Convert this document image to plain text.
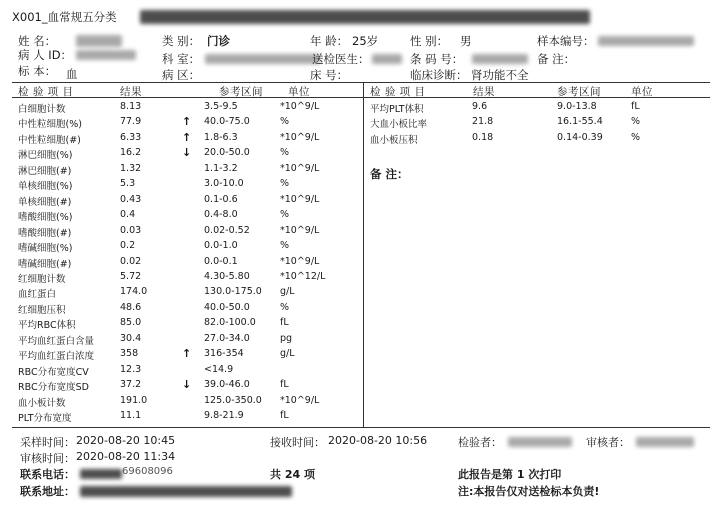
X001_血常规五分类
姓 名：	类 别： 门诊	年 龄： 25岁	性 别： 男	样本编号：
病 人 ID：	科 室：	送检医生：	条 码 号：	备 注：
标 本： 血	病 区：	床 号：	临床诊断： 肾功能不全
检 验 项 目	结果	参考区间 单位	检 验 项 目	结果	参考区间	单位
白细胞计数	8.13	3.5-9.5	*10^9/L
中性粒细胞(%)	77.9	↑ 40.0-75.0	%
中性粒细胞(#)	6.33	↑ 1.8-6.3	*10^9/L
淋巴细胞(%)	16.2	↓ 20.0-50.0	%
淋巴细胞(#)	1.32	1.1-3.2	*10^9/L
单核细胞(%)	5.3	3.0-10.0	%
单核细胞(#)	0.43	0.1-0.6	*10^9/L
嗜酸细胞(%)	0.4	0.4-8.0	%
嗜酸细胞(#)	0.03	0.02-0.52	*10^9/L
嗜碱细胞(%)	0.2	0.0-1.0	%
嗜碱细胞(#)	0.02	0.0-0.1	*10^9/L
红细胞计数	5.72	4.30-5.80	*10^12/L
血红蛋白	174.0	130.0-175.0 g/L
红细胞压积	48.6	40.0-50.0	%
平均RBC体积	85.0	82.0-100.0	fL
平均血红蛋白含量	30.4	27.0-34.0	pg
平均血红蛋白浓度	358	↑ 316-354	g/L
RBC分布宽度CV	12.3	<14.9
RBC分布宽度SD	37.2	↓ 39.0-46.0	fL
血小板计数	191.0	125.0-350.0 *10^9/L
PLT分布宽度	11.1	9.8-21.9	fL
平均PLT体积	9.6	9.0-13.8	fL
大血小板比率	21.8	16.1-55.4	%
血小板压积	0.18	0.14-0.39	%
备 注：
采样时间： 2020-08-20 10:45	接收时间： 2020-08-20 10:56	检验者：	审核者：
审核时间： 2020-08-20 11:34
联系电话：	69608096	共 24 项	此报告是第 1 次打印
联系地址：	注:本报告仅对送检标本负责!
